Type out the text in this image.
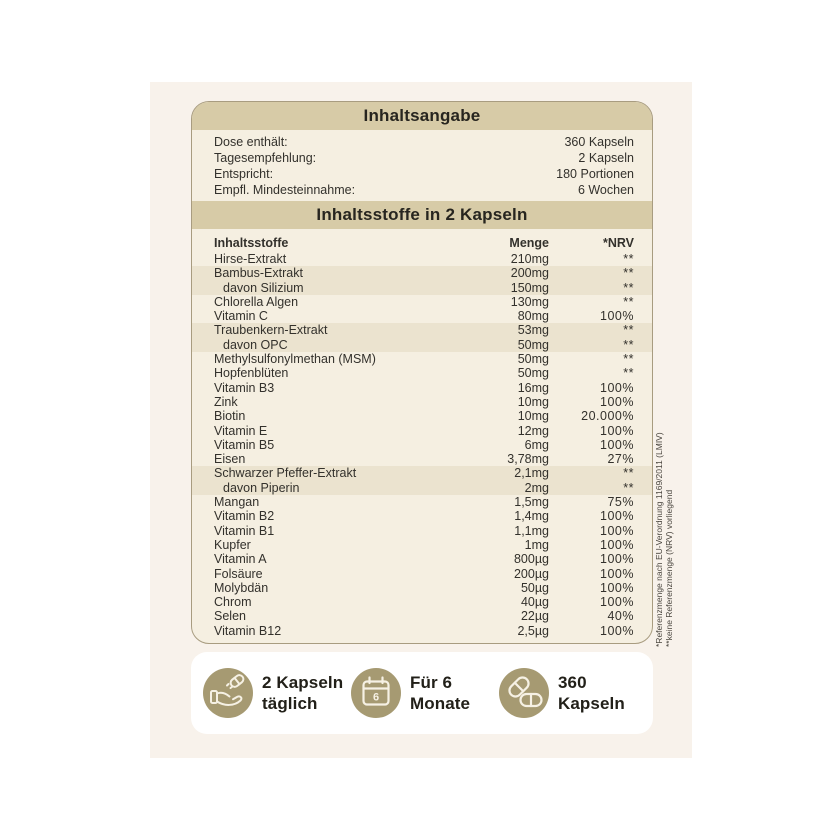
Inhaltsangabe
Dose enthält:	360 Kapseln
Tagesempfehlung:	2 Kapseln
Entspricht:	180 Portionen
Empfl. Mindesteinnahme:	6 Wochen
Inhaltsstoffe in 2 Kapseln
Inhaltsstoffe	Menge	*NRV
Hirse-Extrakt	210mg	**
Bambus-Extrakt	200mg	**
davon Silizium	150mg	**
Chlorella Algen	130mg	**
Vitamin C	80mg	100%
Traubenkern-Extrakt	53mg	**
davon OPC	50mg	**
Methylsulfonylmethan (MSM)	50mg	**
Hopfenblüten	50mg	**
Vitamin B3	16mg	100%
Zink	10mg	100%
Biotin	10mg	20.000%
Vitamin E	12mg	100%
Vitamin B5	6mg	100%
Eisen	3,78mg	27%
Schwarzer Pfeffer-Extrakt	2,1mg	**
davon Piperin	2mg	**
Mangan	1,5mg	75%
Vitamin B2	1,4mg	100%
Vitamin B1	1,1mg	100%
Kupfer	1mg	100%
Vitamin A	800µg	100%
Folsäure	200µg	100%
Molybdän	50µg	100%
Chrom	40µg	100%
Selen	22µg	40%
Vitamin B12	2,5µg	100% *Referenzmenge nach EU-Verordnung 1169/2011 (LMIV) **keine Referenzmenge (NRV) vorliegend
2 Kapseln
täglich	6
Für 6
Monate
360
Kapseln
